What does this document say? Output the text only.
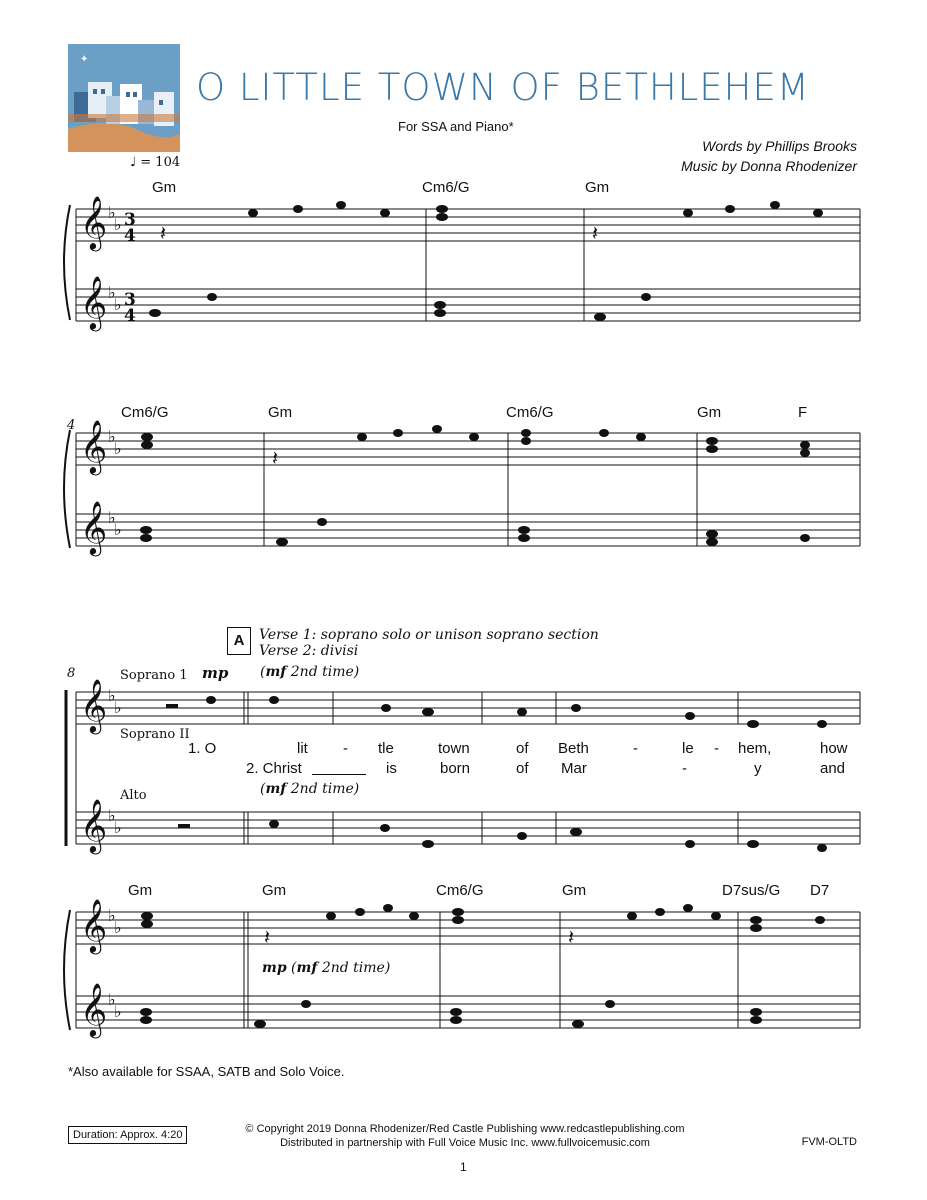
✦
O LITTLE TOWN OF BETHLEHEM
For SSA and Piano*
Words by Phillips Brooks
Music by Donna Rhodenizer
♩ = 104
Gm	Cm6/G	Gm
4
Cm6/G	Gm	Cm6/G	Gm	F
A	Verse 1: soprano solo or unison soprano section
Verse 2: divisi
8	Soprano 1 mp (mf 2nd time)
Soprano II
1. O	lit - tle	town	of Beth	-	le - hem,	how
2. Christ	is	born	of Mar	-	y	and
Alto	(mf 2nd time)
Gm	Gm	Cm6/G	Gm	D7sus/G D7
mp (mf 2nd time)
*Also available for SSAA, SATB and Solo Voice.
Duration: Approx. 4:20	© Copyright 2019 Donna Rhodenizer/Red Castle Publishing www.redcastlepublishing.com
Distributed in partnership with Full Voice Music Inc. www.fullvoicemusic.com	FVM-OLTD
1
𝄞
𝄞
𝄞
𝄞
𝄞
𝄞
𝄞
𝄞
♭
♭
♭
♭
♭
♭
♭
♭
♭
♭
♭
♭
♭
♭
♭
♭
3
4
3
4
𝄽	𝄽
𝄽
𝄽	𝄽
